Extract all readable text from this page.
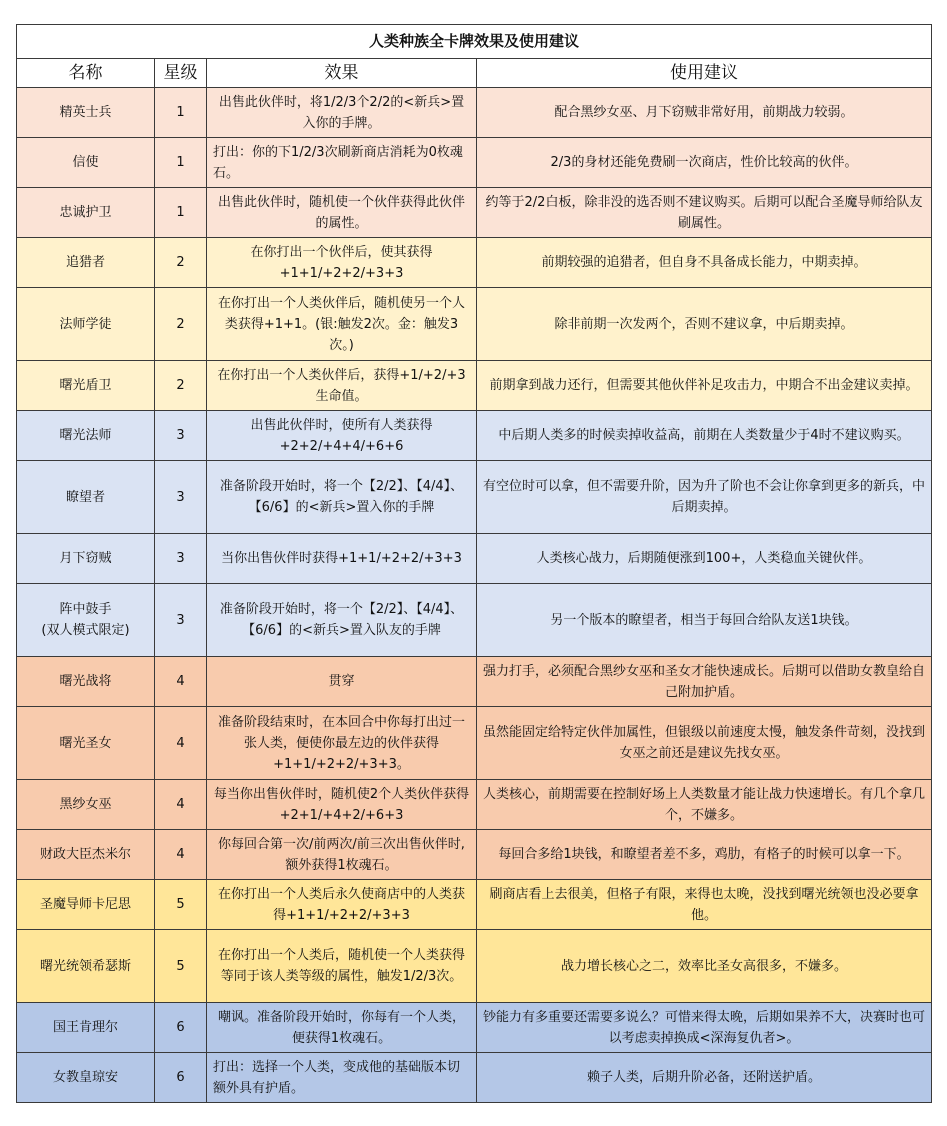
人类种族全卡牌效果及使用建议			
名称	星级	效果	使用建议
精英士兵	1	出售此伙伴时，将1/2/3个2/2的<新兵>置入你的手牌。	配合黑纱女巫、月下窃贼非常好用，前期战力较弱。
信使	1	打出：你的下1/2/3次刷新商店消耗为0枚魂石。	2/3的身材还能免费刷一次商店，性价比较高的伙伴。
忠诚护卫	1	出售此伙伴时，随机使一个伙伴获得此伙伴的属性。	约等于2/2白板，除非没的选否则不建议购买。后期可以配合圣魔导师给队友刷属性。
追猎者	2	在你打出一个伙伴后，使其获得+1+1/+2+2/+3+3	前期较强的追猎者，但自身不具备成长能力，中期卖掉。
法师学徒	2	在你打出一个人类伙伴后，随机使另一个人类获得+1+1。(银:触发2次。金：触发3次。)	除非前期一次发两个，否则不建议拿，中后期卖掉。
曙光盾卫	2	在你打出一个人类伙伴后，获得+1/+2/+3生命值。	前期拿到战力还行，但需要其他伙伴补足攻击力，中期合不出金建议卖掉。
曙光法师	3	出售此伙伴时，使所有人类获得+2+2/+4+4/+6+6	中后期人类多的时候卖掉收益高，前期在人类数量少于4时不建议购买。
瞭望者	3	准备阶段开始时，将一个【2/2】、【4/4】、【6/6】的<新兵>置入你的手牌	有空位时可以拿，但不需要升阶，因为升了阶也不会让你拿到更多的新兵，中后期卖掉。
月下窃贼	3	当你出售伙伴时获得+1+1/+2+2/+3+3	人类核心战力，后期随便涨到100+，人类稳血关键伙伴。

阵中鼓手
(双人模式限定)	3	准备阶段开始时，将一个【2/2】、【4/4】、【6/6】的<新兵>置入队友的手牌	另一个版本的瞭望者，相当于每回合给队友送1块钱。
曙光战将	4	贯穿	强力打手，必须配合黑纱女巫和圣女才能快速成长。后期可以借助女教皇给自己附加护盾。
曙光圣女	4	准备阶段结束时，在本回合中你每打出过一张人类，便使你最左边的伙伴获得+1+1/+2+2/+3+3。	虽然能固定给特定伙伴加属性，但银级以前速度太慢，触发条件苛刻，没找到女巫之前还是建议先找女巫。
黑纱女巫	4	每当你出售伙伴时，随机使2个人类伙伴获得+2+1/+4+2/+6+3	人类核心，前期需要在控制好场上人类数量才能让战力快速增长。有几个拿几个，不嫌多。
财政大臣杰米尔	4	你每回合第一次/前两次/前三次出售伙伴时,额外获得1枚魂石。	每回合多给1块钱，和瞭望者差不多，鸡肋，有格子的时候可以拿一下。
圣魔导师卡尼思	5	在你打出一个人类后永久使商店中的人类获得+1+1/+2+2/+3+3	刷商店看上去很美，但格子有限，来得也太晚，没找到曙光统领也没必要拿他。
曙光统领希瑟斯	5	在你打出一个人类后，随机使一个人类获得等同于该人类等级的属性，触发1/2/3次。	战力增长核心之二，效率比圣女高很多，不嫌多。
国王肯理尔	6	嘲讽。准备阶段开始时，你每有一个人类，便获得1枚魂石。	钞能力有多重要还需要多说么？可惜来得太晚，后期如果养不大，决赛时也可以考虑卖掉换成<深海复仇者>。
女教皇琼安	6	打出：选择一个人类，变成他的基础版本切额外具有护盾。	赖子人类，后期升阶必备，还附送护盾。
